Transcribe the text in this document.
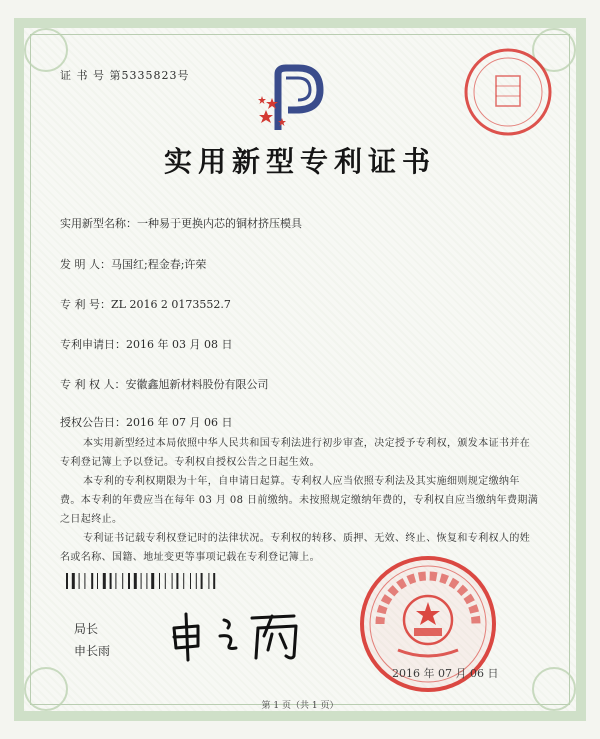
证 书 号 第5335823号
实用新型专利证书
实用新型名称：一种易于更换内芯的铜材挤压模具
发 明 人：马国红;程金春;许荣
专 利 号：ZL 2016 2 0173552.7
专利申请日：2016 年 03 月 08 日
专 利 权 人：安徽鑫旭新材料股份有限公司
授权公告日：2016 年 07 月 06 日

本实用新型经过本局依照中华人民共和国专利法进行初步审查，决定授予专利权，颁发本证书并在专利登记簿上予以登记。专利权自授权公告之日起生效。

本专利的专利权期限为十年，自申请日起算。专利权人应当依照专利法及其实施细则规定缴纳年费。本专利的年费应当在每年 03 月 08 日前缴纳。未按照规定缴纳年费的，专利权自应当缴纳年费期满之日起终止。

专利证书记载专利权登记时的法律状况。专利权的转移、质押、无效、终止、恢复和专利权人的姓名或名称、国籍、地址变更等事项记载在专利登记簿上。

局长
申长雨
2016 年 07 月 06 日
第 1 页（共 1 页）
